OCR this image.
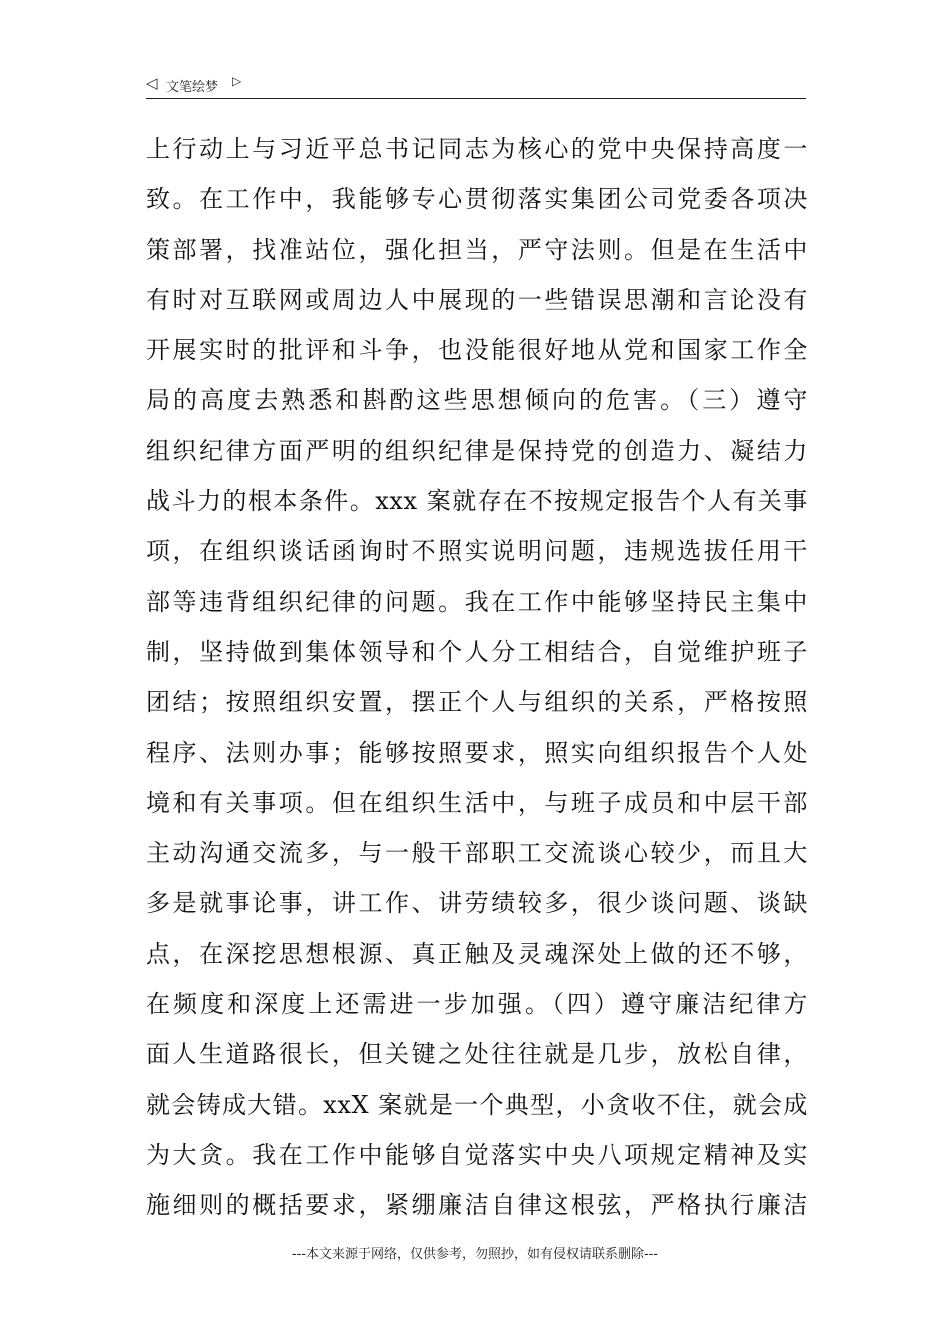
◁ 文笔绘梦 ▷
上行动上与习近平总书记同志为核心的党中央保持高度一
致。在工作中，我能够专心贯彻落实集团公司党委各项决
策部署，找准站位，强化担当，严守法则。但是在生活中
有时对互联网或周边人中展现的一些错误思潮和言论没有
开展实时的批评和斗争，也没能很好地从党和国家工作全
局的高度去熟悉和斟酌这些思想倾向的危害。（三）遵守
组织纪律方面严明的组织纪律是保持党的创造力、凝结力
战斗力的根本条件。xxx 案就存在不按规定报告个人有关事
项，在组织谈话函询时不照实说明问题，违规选拔任用干
部等违背组织纪律的问题。我在工作中能够坚持民主集中
制，坚持做到集体领导和个人分工相结合，自觉维护班子
团结；按照组织安置，摆正个人与组织的关系，严格按照
程序、法则办事；能够按照要求，照实向组织报告个人处
境和有关事项。但在组织生活中，与班子成员和中层干部
主动沟通交流多，与一般干部职工交流谈心较少，而且大
多是就事论事，讲工作、讲劳绩较多，很少谈问题、谈缺
点，在深挖思想根源、真正触及灵魂深处上做的还不够，
在频度和深度上还需进一步加强。（四）遵守廉洁纪律方
面人生道路很长，但关键之处往往就是几步，放松自律，
就会铸成大错。xxX 案就是一个典型，小贪收不住，就会成
为大贪。我在工作中能够自觉落实中央八项规定精神及实
施细则的概括要求，紧绷廉洁自律这根弦，严格执行廉洁
---本文来源于网络，仅供参考，勿照抄，如有侵权请联系删除---
